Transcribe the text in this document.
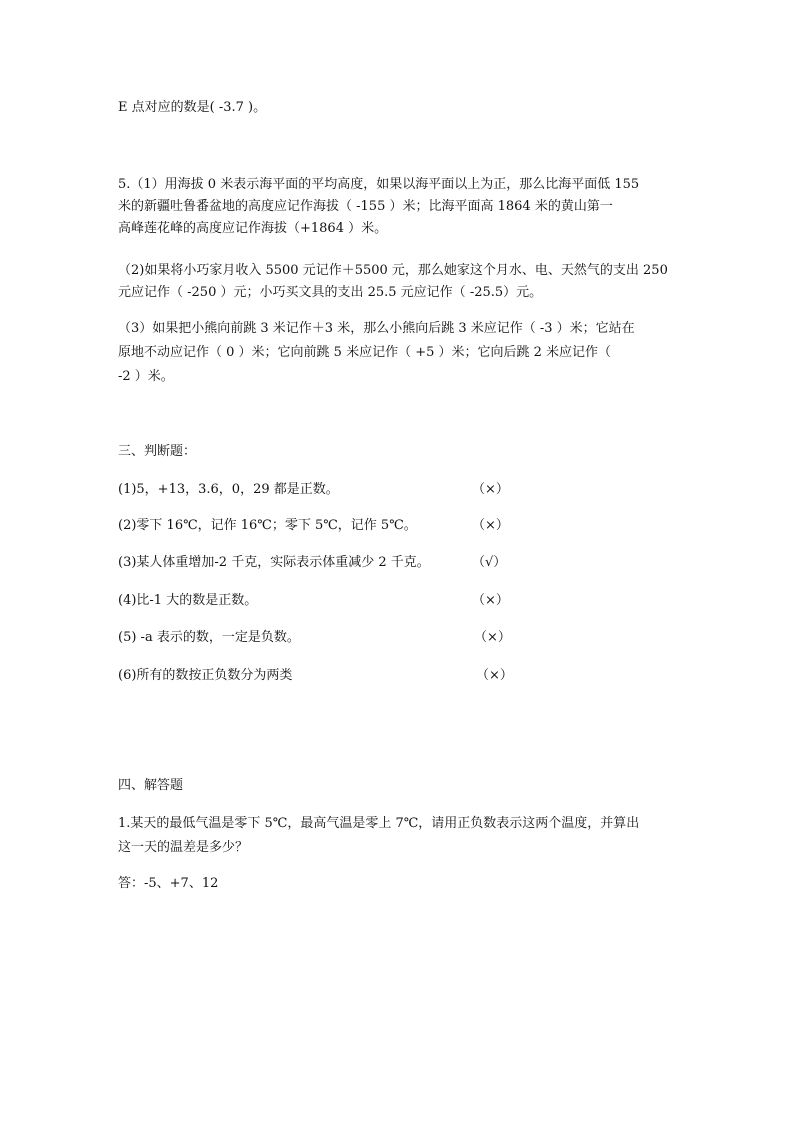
E 点对应的数是( -3.7 )。
5.（1）用海拔 0 米表示海平面的平均高度，如果以海平面以上为正，那么比海平面低 155
米的新疆吐鲁番盆地的高度应记作海拔（ -155 ）米；比海平面高 1864 米的黄山第一
高峰莲花峰的高度应记作海拔（+1864 ）米。
（2)如果将小巧家月收入 5500 元记作＋5500 元，那么她家这个月水、电、天然气的支出 250
元应记作（ -250 ）元；小巧买文具的支出 25.5 元应记作（ -25.5）元。
（3）如果把小熊向前跳 3 米记作＋3 米，那么小熊向后跳 3 米应记作（ -3 ）米；它站在
原地不动应记作（ 0 ）米；它向前跳 5 米应记作（ +5 ）米；它向后跳 2 米应记作（
-2 ）米。
三、判断题：
(1)5，+13，3.6，0，29 都是正数。	（×）
(2)零下 16℃，记作 16℃；零下 5℃，记作 5℃。	（×）
(3)某人体重增加-2 千克，实际表示体重减少 2 千克。	（√）
(4)比-1 大的数是正数。	（×）
(5) -a 表示的数，一定是负数。	（×）
(6)所有的数按正负数分为两类	（×）
四、解答题
1.某天的最低气温是零下 5℃，最高气温是零上 7℃，请用正负数表示这两个温度，并算出
这一天的温差是多少？
答：-5、+7、12
